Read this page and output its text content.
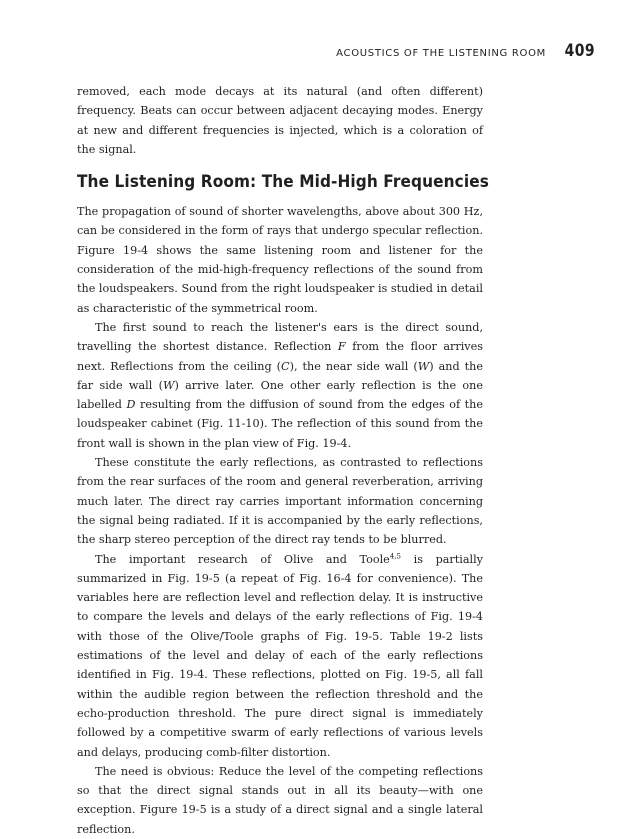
ACOUSTICS OF THE LISTENING ROOM 409

removed, each mode decays at its natural (and often different) frequency. Beats can occur between adjacent decaying modes. Energy at new and different frequencies is injected, which is a coloration of the signal.

The Listening Room: The Mid-High Frequencies

The propagation of sound of shorter wavelengths, above about 300 Hz, can be considered in the form of rays that undergo specular reflection. Figure 19-4 shows the same listening room and listener for the consideration of the mid-high-frequency reflections of the sound from the loudspeakers. Sound from the right loudspeaker is studied in detail as characteristic of the symmetrical room.

The first sound to reach the listener's ears is the direct sound, travelling the shortest distance. Reflection F from the floor arrives next. Reflections from the ceiling (C), the near side wall (W) and the far side wall (W) arrive later. One other early reflection is the one labelled D resulting from the diffusion of sound from the edges of the loudspeaker cabinet (Fig. 11-10). The reflection of this sound from the front wall is shown in the plan view of Fig. 19-4.

These constitute the early reflections, as contrasted to reflections from the rear surfaces of the room and general reverberation, arriving much later. The direct ray carries important information concerning the signal being radiated. If it is accompanied by the early reflections, the sharp stereo perception of the direct ray tends to be blurred.

The important research of Olive and Toole$^{4,5}$ is partially summarized in Fig. 19-5 (a repeat of Fig. 16-4 for convenience). The variables here are reflection level and reflection delay. It is instructive to compare the levels and delays of the early reflections of Fig. 19-4 with those of the Olive/Toole graphs of Fig. 19-5. Table 19-2 lists estimations of the level and delay of each of the early reflections identified in Fig. 19-4. These reflections, plotted on Fig. 19-5, all fall within the audible region between the reflection threshold and the echo-production threshold. The pure direct signal is immediately followed by a competitive swarm of early reflections of various levels and delays, producing comb-filter distortion.

The need is obvious: Reduce the level of the competing reflections so that the direct signal stands out in all its beauty—with one exception. Figure 19-5 is a study of a direct signal and a single lateral reflection.
